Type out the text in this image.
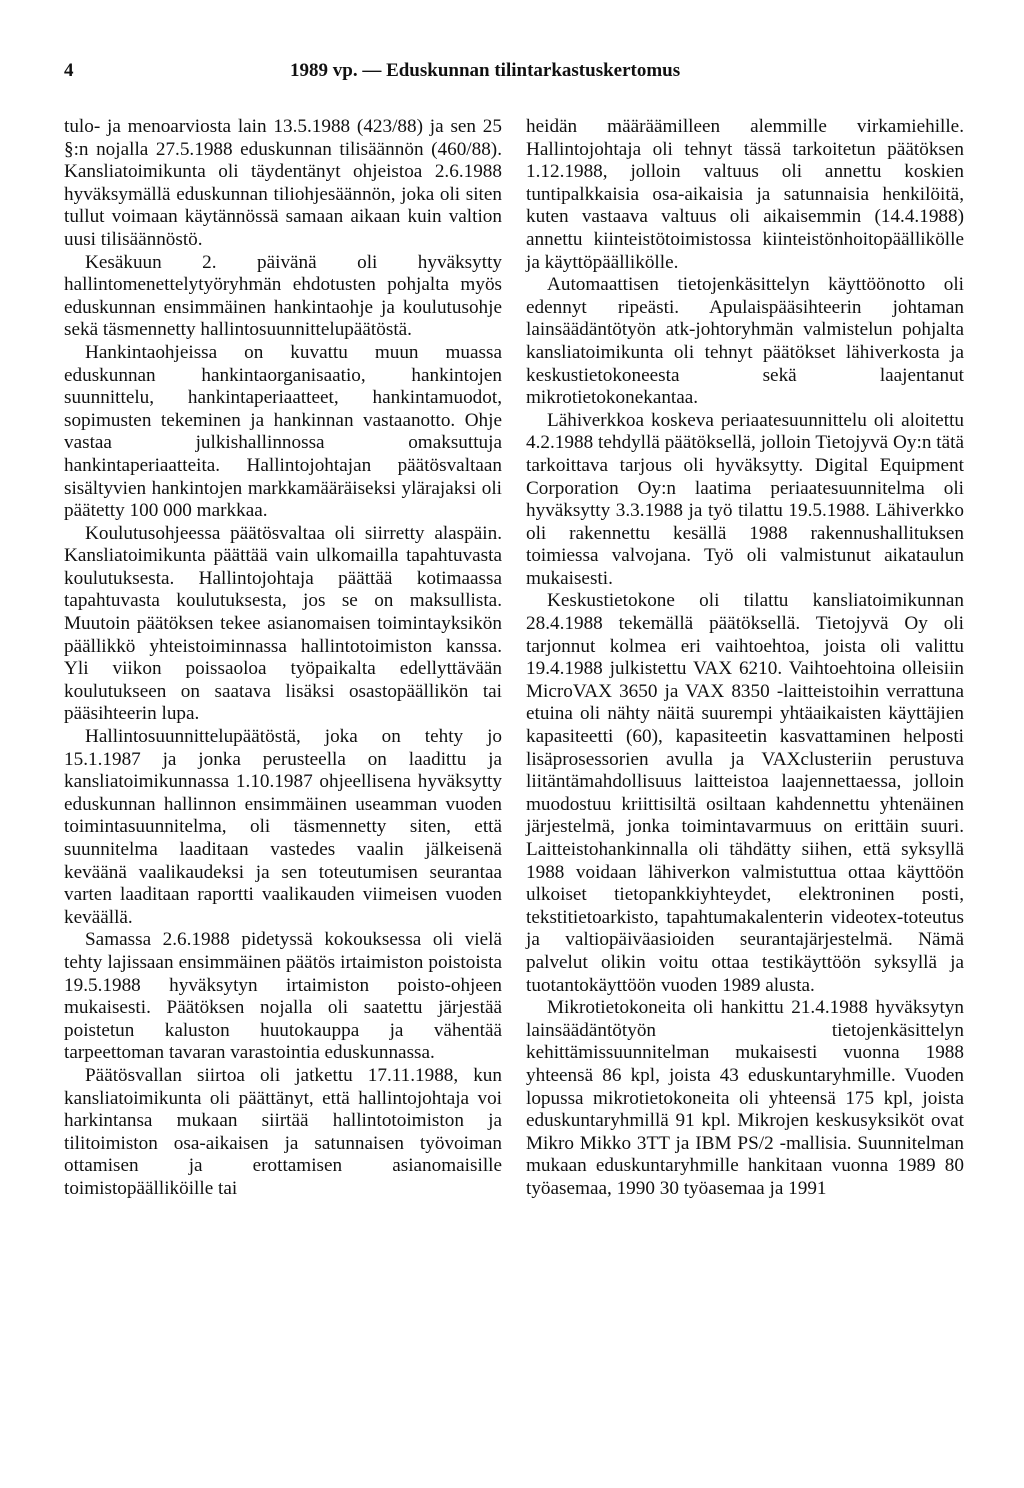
4	1989 vp. — Eduskunnan tilintarkastuskertomus

tulo- ja menoarviosta lain 13.5.1988 (423/88) ja sen 25 §:n nojalla 27.5.1988 eduskunnan tilisäännön (460/88). Kansliatoimikunta oli täydentänyt ohjeistoa 2.6.1988 hyväksymällä eduskunnan tiliohjesäännön, joka oli siten tullut voimaan käytännössä samaan aikaan kuin valtion uusi tilisäännöstö.

Kesäkuun 2. päivänä oli hyväksytty hallintomenettelytyöryhmän ehdotusten pohjalta myös eduskunnan ensimmäinen hankintaohje ja koulutusohje sekä täsmennetty hallintosuunnittelupäätöstä.

Hankintaohjeissa on kuvattu muun muassa eduskunnan hankintaorganisaatio, hankintojen suunnittelu, hankintaperiaatteet, hankintamuodot, sopimusten tekeminen ja hankinnan vastaanotto. Ohje vastaa julkishallinnossa omaksuttuja hankintaperiaatteita. Hallintojohtajan päätösvaltaan sisältyvien hankintojen markkamääräiseksi ylärajaksi oli päätetty 100 000 markkaa.

Koulutusohjeessa päätösvaltaa oli siirretty alaspäin. Kansliatoimikunta päättää vain ulkomailla tapahtuvasta koulutuksesta. Hallintojohtaja päättää kotimaassa tapahtuvasta koulutuksesta, jos se on maksullista. Muutoin päätöksen tekee asianomaisen toimintayksikön päällikkö yhteistoiminnassa hallintotoimiston kanssa. Yli viikon poissaoloa työpaikalta edellyttävään koulutukseen on saatava lisäksi osastopäällikön tai pääsihteerin lupa.

Hallintosuunnittelupäätöstä, joka on tehty jo 15.1.1987 ja jonka perusteella on laadittu ja kansliatoimikunnassa 1.10.1987 ohjeellisena hyväksytty eduskunnan hallinnon ensimmäinen useamman vuoden toimintasuunnitelma, oli täsmennetty siten, että suunnitelma laaditaan vastedes vaalin jälkeisenä keväänä vaalikaudeksi ja sen toteutumisen seurantaa varten laaditaan raportti vaalikauden viimeisen vuoden keväällä.

Samassa 2.6.1988 pidetyssä kokouksessa oli vielä tehty lajissaan ensimmäinen päätös irtaimiston poistoista 19.5.1988 hyväksytyn irtaimiston poisto-ohjeen mukaisesti. Päätöksen nojalla oli saatettu järjestää poistetun kaluston huutokauppa ja vähentää tarpeettoman tavaran varastointia eduskunnassa.

Päätösvallan siirtoa oli jatkettu 17.11.1988, kun kansliatoimikunta oli päättänyt, että hallintojohtaja voi harkintansa mukaan siirtää hallintotoimiston ja tilitoimiston osa-aikaisen ja satunnaisen työvoiman ottamisen ja erottamisen asianomaisille toimistopäälliköille tai

heidän määräämilleen alemmille virkamiehille. Hallintojohtaja oli tehnyt tässä tarkoitetun päätöksen 1.12.1988, jolloin valtuus oli annettu koskien tuntipalkkaisia osa-aikaisia ja satunnaisia henkilöitä, kuten vastaava valtuus oli aikaisemmin (14.4.1988) annettu kiinteistötoimistossa kiinteistönhoitopäällikölle ja käyttöpäällikölle.

Automaattisen tietojenkäsittelyn käyttöönotto oli edennyt ripeästi. Apulaispääsihteerin johtaman lainsäädäntötyön atk-johtoryhmän valmistelun pohjalta kansliatoimikunta oli tehnyt päätökset lähiverkosta ja keskustietokoneesta sekä laajentanut mikrotietokonekantaa.

Lähiverkkoa koskeva periaatesuunnittelu oli aloitettu 4.2.1988 tehdyllä päätöksellä, jolloin Tietojyvä Oy:n tätä tarkoittava tarjous oli hyväksytty. Digital Equipment Corporation Oy:n laatima periaatesuunnitelma oli hyväksytty 3.3.1988 ja työ tilattu 19.5.1988. Lähiverkko oli rakennettu kesällä 1988 rakennushallituksen toimiessa valvojana. Työ oli valmistunut aikataulun mukaisesti.

Keskustietokone oli tilattu kansliatoimikunnan 28.4.1988 tekemällä päätöksellä. Tietojyvä Oy oli tarjonnut kolmea eri vaihtoehtoa, joista oli valittu 19.4.1988 julkistettu VAX 6210. Vaihtoehtoina olleisiin MicroVAX 3650 ja VAX 8350 -laitteistoihin verrattuna etuina oli nähty näitä suurempi yhtäaikaisten käyttäjien kapasiteetti (60), kapasiteetin kasvattaminen helposti lisäprosessorien avulla ja VAXclusteriin perustuva liitäntämahdollisuus laitteistoa laajennettaessa, jolloin muodostuu kriittisiltä osiltaan kahdennettu yhtenäinen järjestelmä, jonka toimintavarmuus on erittäin suuri. Laitteistohankinnalla oli tähdätty siihen, että syksyllä 1988 voidaan lähiverkon valmistuttua ottaa käyttöön ulkoiset tietopankkiyhteydet, elektroninen posti, tekstitietoarkisto, tapahtumakalenterin videotex-toteutus ja valtiopäiväasioiden seurantajärjestelmä. Nämä palvelut olikin voitu ottaa testikäyttöön syksyllä ja tuotantokäyttöön vuoden 1989 alusta.

Mikrotietokoneita oli hankittu 21.4.1988 hyväksytyn lainsäädäntötyön tietojenkäsittelyn kehittämissuunnitelman mukaisesti vuonna 1988 yhteensä 86 kpl, joista 43 eduskuntaryhmille. Vuoden lopussa mikrotietokoneita oli yhteensä 175 kpl, joista eduskuntaryhmillä 91 kpl. Mikrojen keskusyksiköt ovat Mikro Mikko 3TT ja IBM PS/2 -mallisia. Suunnitelman mukaan eduskuntaryhmille hankitaan vuonna 1989 80 työasemaa, 1990 30 työasemaa ja 1991
